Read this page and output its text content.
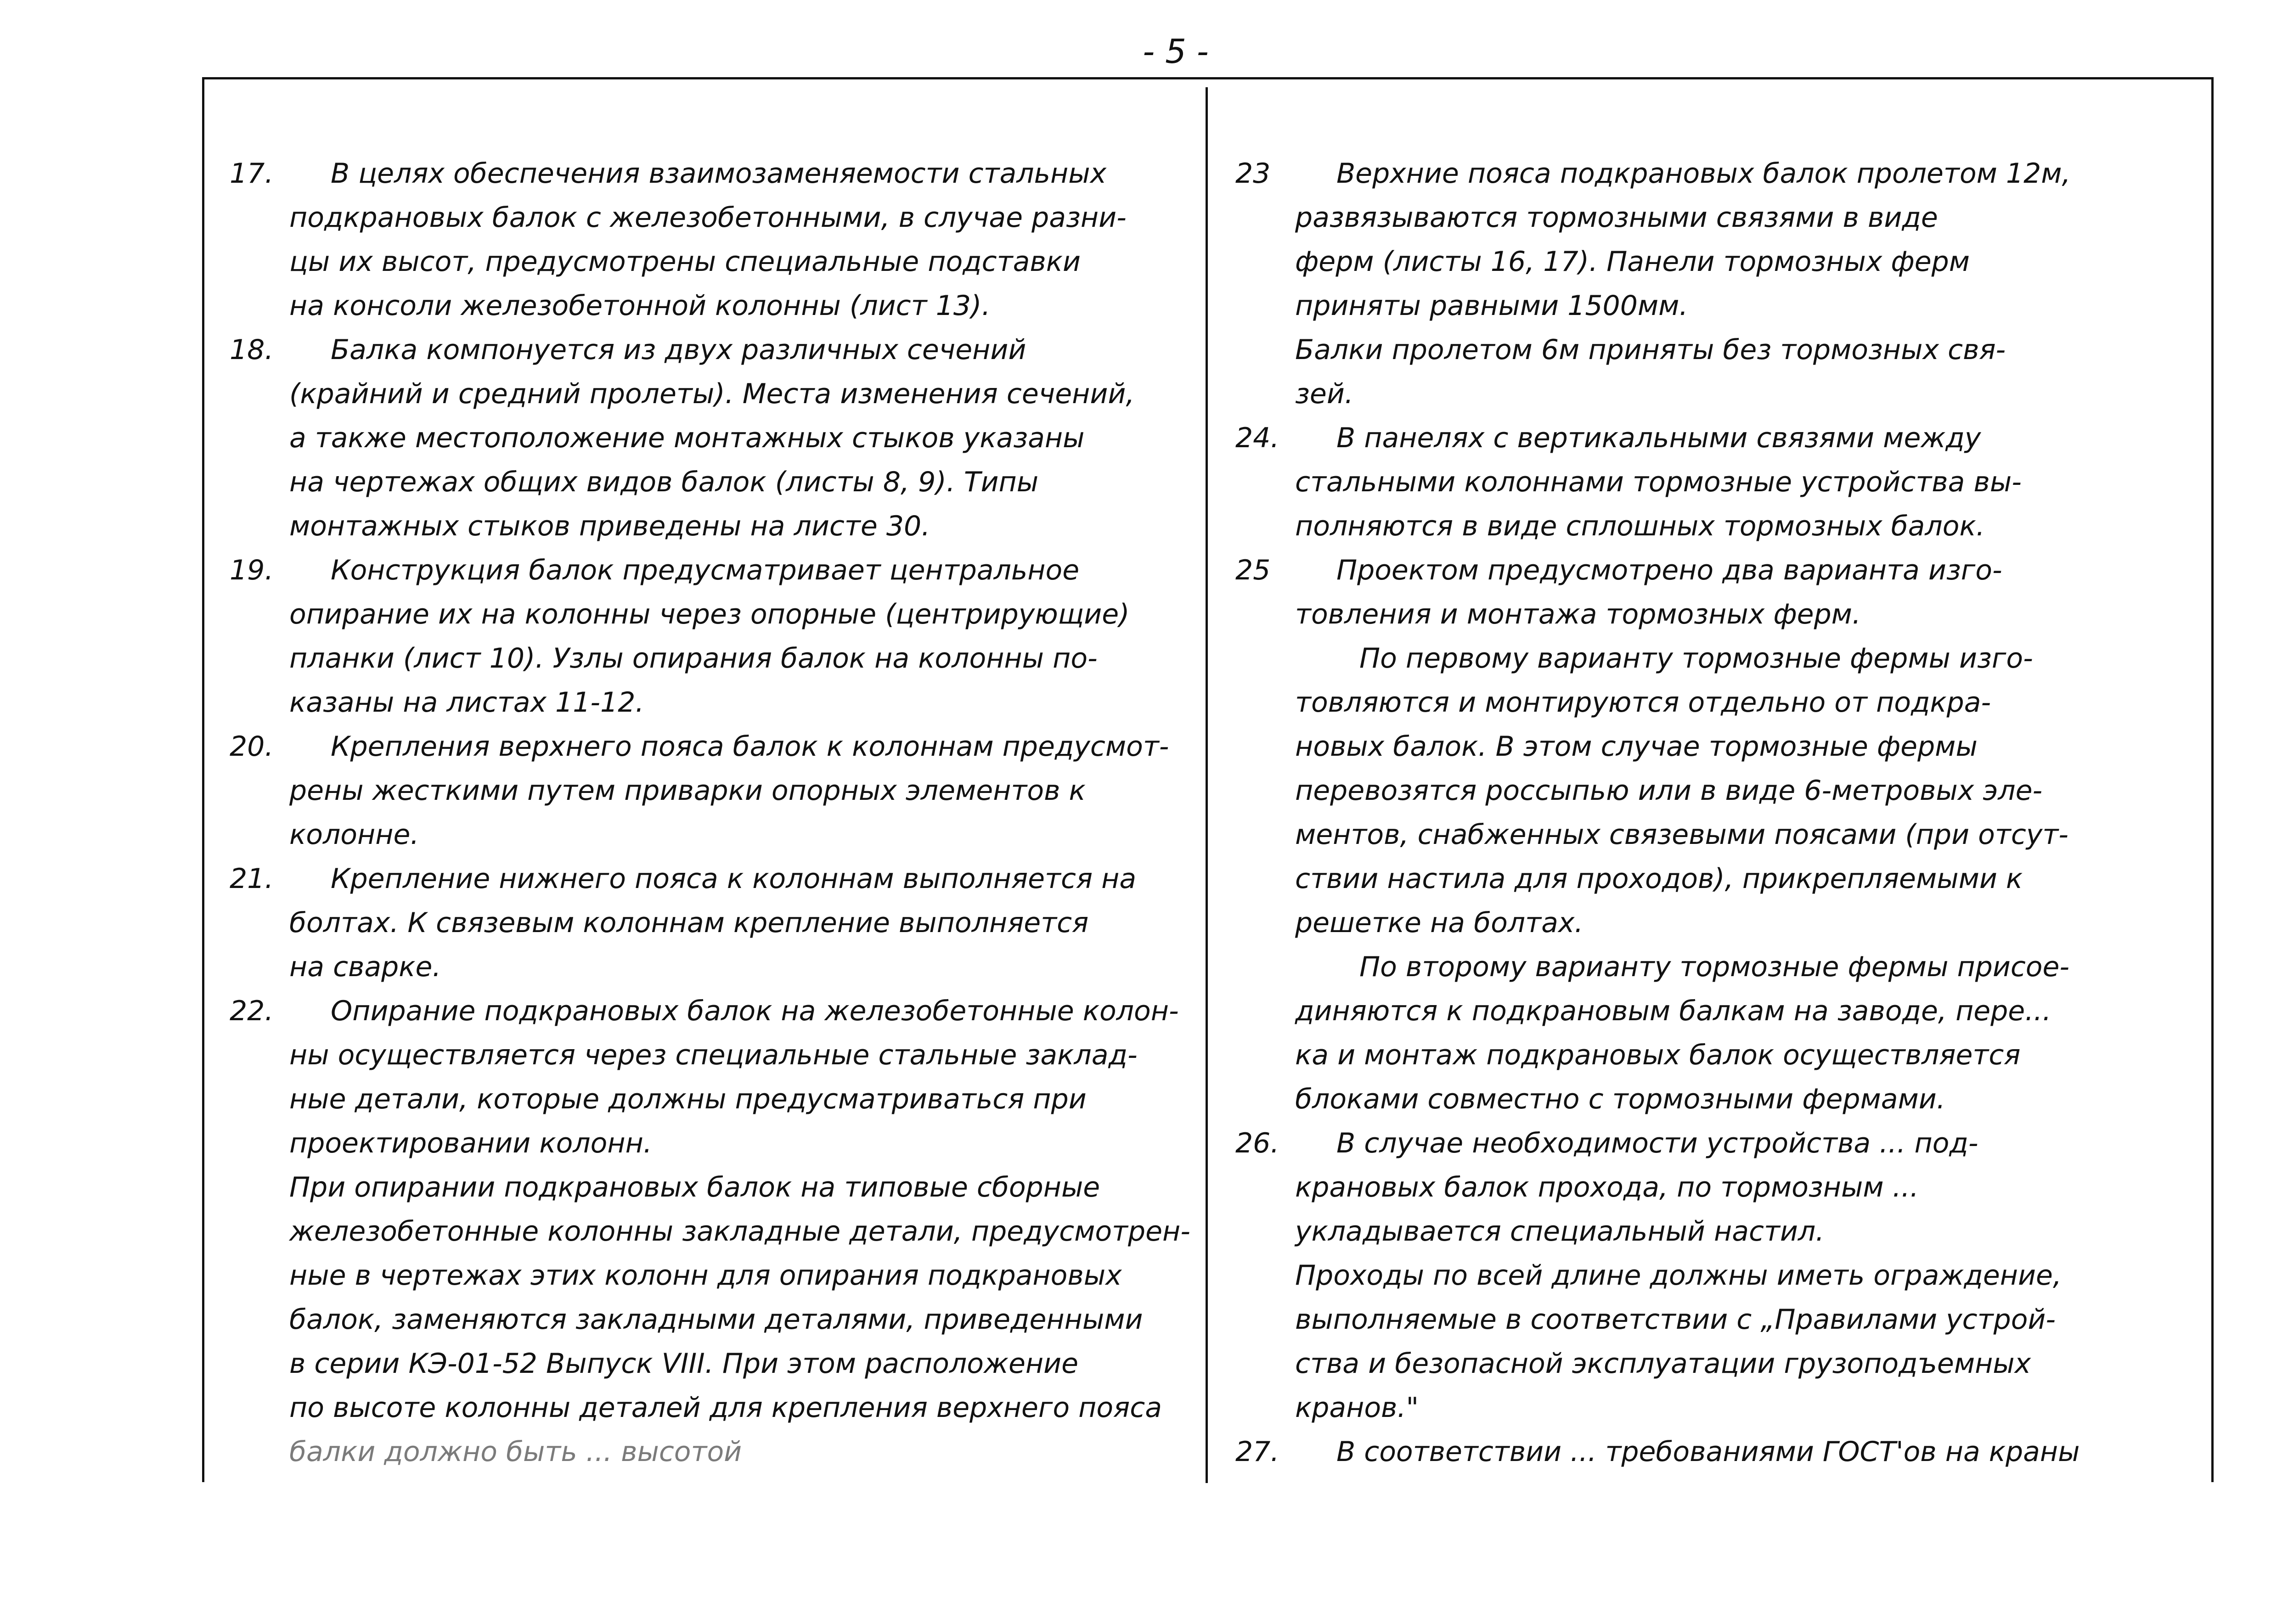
- 5 -
17.	В целях обеспечения взаимозаменяемости стальных
подкрановых балок с железобетонными, в случае разни-
цы их высот, предусмотрены специальные подставки
на консоли железобетонной колонны (лист 13).
18.	Балка компонуется из двух различных сечений
(крайний и средний пролеты). Места изменения сечений,
а также местоположение монтажных стыков указаны
на чертежах общих видов балок (листы 8, 9). Типы
монтажных стыков приведены на листе 30.
19.	Конструкция балок предусматривает центральное
опирание их на колонны через опорные (центрирующие)
планки (лист 10). Узлы опирания балок на колонны по-
казаны на листах 11-12.
20.	Крепления верхнего пояса балок к колоннам предусмот-
рены жесткими путем приварки опорных элементов к
колонне.
21.	Крепление нижнего пояса к колоннам выполняется на
болтах. К связевым колоннам крепление выполняется
на сварке.
22.	Опирание подкрановых балок на железобетонные колон-
ны осуществляется через специальные стальные заклад-
ные детали, которые должны предусматриваться при
проектировании колонн.
При опирании подкрановых балок на типовые сборные
железобетонные колонны закладные детали, предусмотрен-
ные в чертежах этих колонн для опирания подкрановых
балок, заменяются закладными деталями, приведенными
в серии КЭ-01-52 Выпуск VIII. При этом расположение
по высоте колонны деталей для крепления верхнего пояса
балки должно быть ... высотой
23	Верхние пояса подкрановых балок пролетом 12м,
развязываются тормозными связями в виде
ферм (листы 16, 17). Панели тормозных ферм
приняты равными 1500мм.
Балки пролетом 6м приняты без тормозных свя-
зей.
24.	В панелях с вертикальными связями между
стальными колоннами тормозные устройства вы-
полняются в виде сплошных тормозных балок.
25	Проектом предусмотрено два варианта изго-
товления и монтажа тормозных ферм.
По первому варианту тормозные фермы изго-
товляются и монтируются отдельно от подкра-
новых балок. В этом случае тормозные фермы
перевозятся россыпью или в виде 6-метровых эле-
ментов, снабженных связевыми поясами (при отсут-
ствии настила для проходов), прикрепляемыми к
решетке на болтах.
По второму варианту тормозные фермы присое-
диняются к подкрановым балкам на заводе, пере...
ка и монтаж подкрановых балок осуществляется
блоками совместно с тормозными фермами.
26.	В случае необходимости устройства ... под-
крановых балок прохода, по тормозным ...
укладывается специальный настил.
Проходы по всей длине должны иметь ограждение,
выполняемые в соответствии с „Правилами устрой-
ства и безопасной эксплуатации грузоподъемных
кранов."
27.	В соответствии ... требованиями ГОСТ'ов на краны
